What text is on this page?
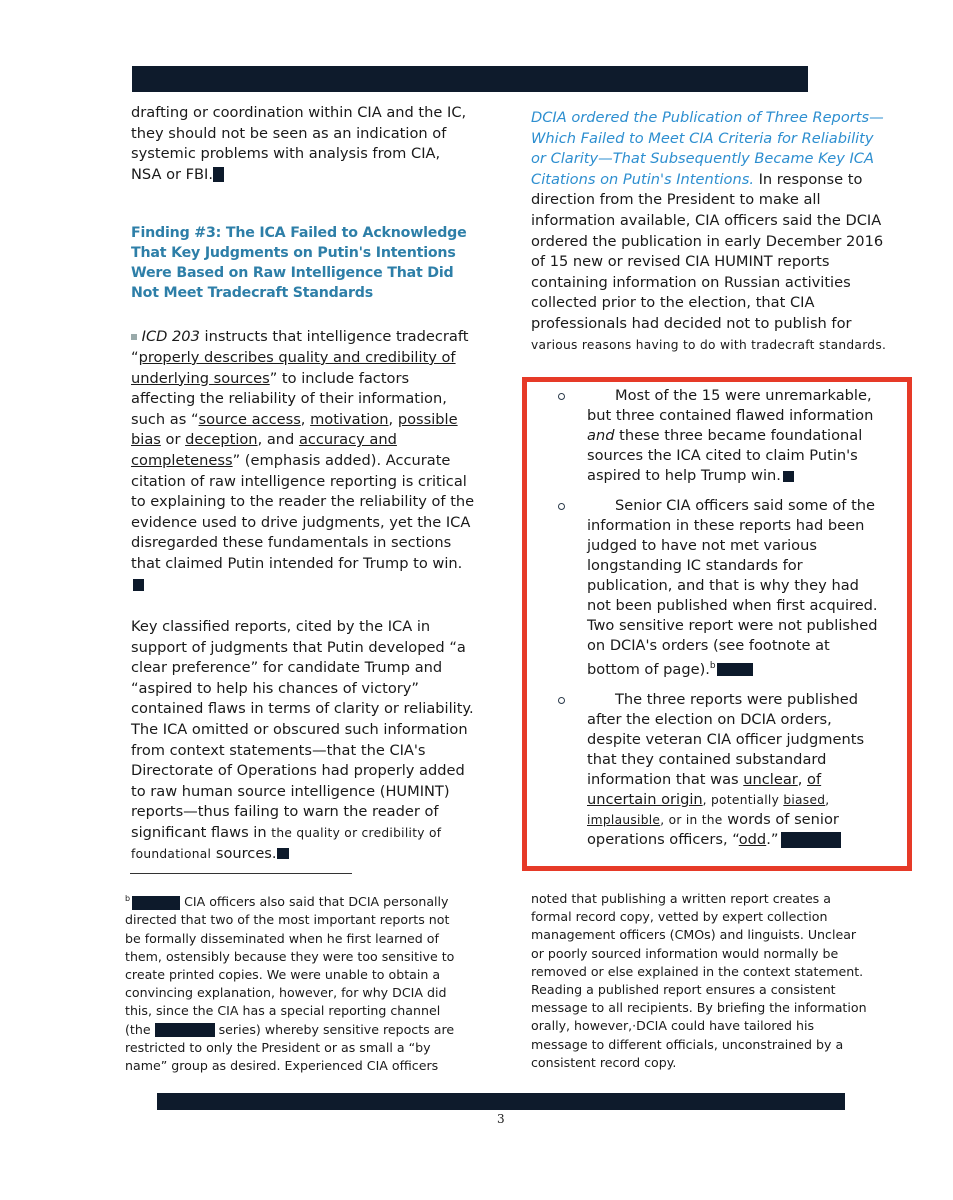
drafting or coordination within CIA and the IC, they should not be seen as an indication of systemic problems with analysis from CIA, NSA or FBI.

Finding #3: The ICA Failed to Acknowledge That Key Judgments on Putin's Intentions Were Based on Raw Intelligence That Did Not Meet Tradecraft Standards

ICD 203 instructs that intelligence tradecraft “properly describes quality and credibility of underlying sources” to include factors affecting the reliability of their information, such as “source access, motivation, possible bias or deception, and accuracy and completeness” (emphasis added). Accurate citation of raw intelligence reporting is critical to explaining to the reader the reliability of the evidence used to drive judgments, yet the ICA disregarded these fundamentals in sections that claimed Putin intended for Trump to win.

Key classified reports, cited by the ICA in support of judgments that Putin developed “a clear preference” for candidate Trump and “aspired to help his chances of victory” contained flaws in terms of clarity or reliability. The ICA omitted or obscured such information from context statements—that the CIA's Directorate of Operations had properly added to raw human source intelligence (HUMINT) reports—thus failing to warn the reader of significant flaws in the quality or credibility of foundational sources.

DCIA ordered the Publication of Three Reports—Which Failed to Meet CIA Criteria for Reliability or Clarity—That Subsequently Became Key ICA Citations on Putin's Intentions. In response to direction from the President to make all information available, CIA officers said the DCIA ordered the publication in early December 2016 of 15 new or revised CIA HUMINT reports containing information on Russian activities collected prior to the election, that CIA professionals had decided not to publish for various reasons having to do with tradecraft standards.

Most of the 15 were unremarkable, but three contained flawed information and these three became foundational sources the ICA cited to claim Putin's aspired to help Trump win.
Senior CIA officers said some of the information in these reports had been judged to have not met various longstanding IC standards for publication, and that is why they had not been published when first acquired. Two sensitive report were not published on DCIA's orders (see footnote at bottom of page).$^b$
The three reports were published after the election on DCIA orders, despite veteran CIA officer judgments that they contained substandard information that was unclear, of uncertain origin, potentially biased, implausible, or in the words of senior operations officers, “odd.”
$^b$	CIA officers also said that DCIA personally directed that two of the most important reports not be formally disseminated when he first learned of them, ostensibly because they were too sensitive to create printed copies. We were unable to obtain a convincing explanation, however, for why DCIA did this, since the CIA has a special reporting channel (the	series) whereby sensitive repocts are restricted to only the President or as small a “by name” group as desired. Experienced CIA officers
noted that publishing a written report creates a formal record copy, vetted by expert collection management officers (CMOs) and linguists. Unclear or poorly sourced information would normally be removed or else explained in the context statement. Reading a published report ensures a consistent message to all recipients. By briefing the information orally, however,·DCIA could have tailored his message to different officials, unconstrained by a consistent record copy.
3
